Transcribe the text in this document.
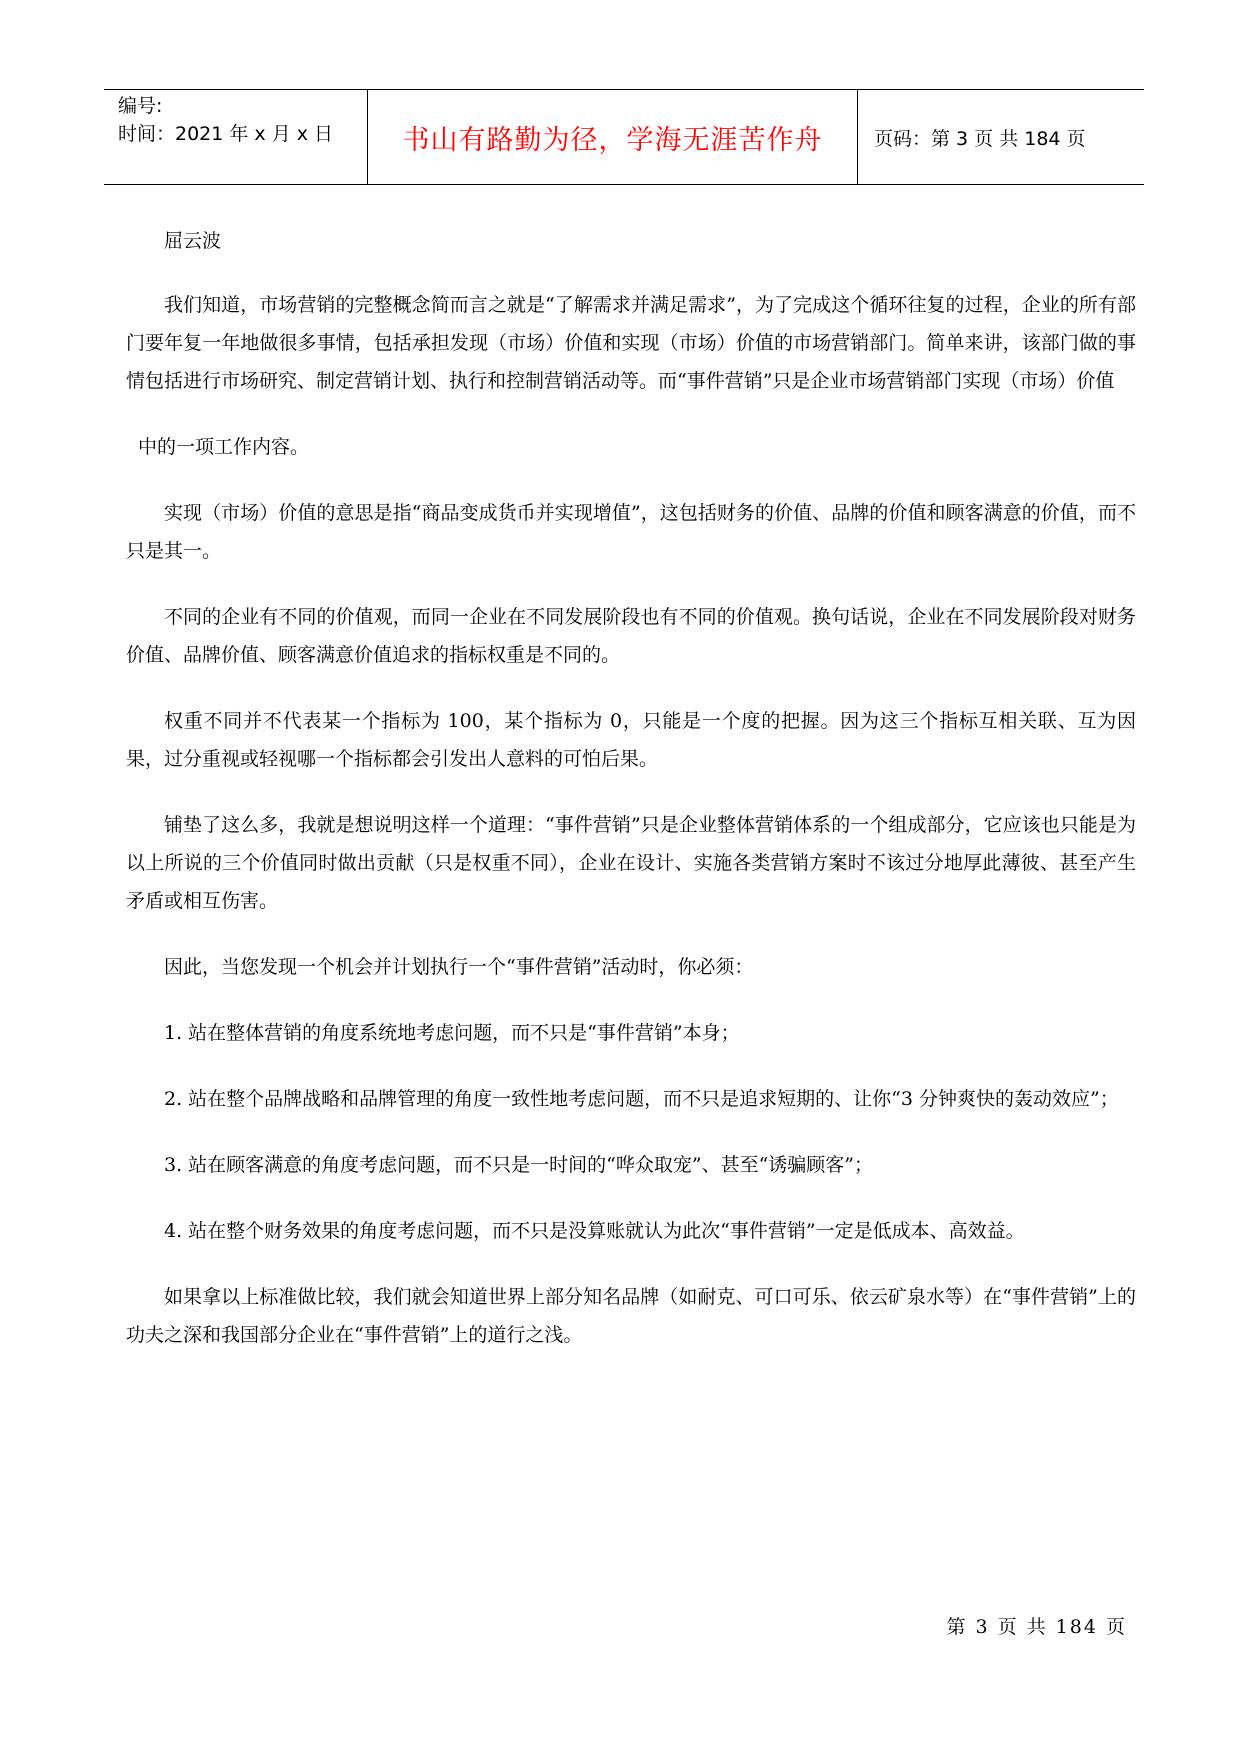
编号:
时间：2021 年 x 月 x 日	书山有路勤为径，学海无涯苦作舟	页码：第 3 页 共 184 页

屈云波

我们知道，市场营销的完整概念简而言之就是“了解需求并满足需求”，为了完成这个循环往复的过程，企业的所有部门要年复一年地做很多事情，包括承担发现（市场）价值和实现（市场）价值的市场营销部门。简单来讲，该部门做的事情包括进行市场研究、制定营销计划、执行和控制营销活动等。而“事件营销”只是企业市场营销部门实现（市场）价值

中的一项工作内容。

实现（市场）价值的意思是指“商品变成货币并实现增值”，这包括财务的价值、品牌的价值和顾客满意的价值，而不只是其一。

不同的企业有不同的价值观，而同一企业在不同发展阶段也有不同的价值观。换句话说，企业在不同发展阶段对财务价值、品牌价值、顾客满意价值追求的指标权重是不同的。

权重不同并不代表某一个指标为 100，某个指标为 0，只能是一个度的把握。因为这三个指标互相关联、互为因果，过分重视或轻视哪一个指标都会引发出人意料的可怕后果。

铺垫了这么多，我就是想说明这样一个道理：“事件营销”只是企业整体营销体系的一个组成部分，它应该也只能是为以上所说的三个价值同时做出贡献（只是权重不同），企业在设计、实施各类营销方案时不该过分地厚此薄彼、甚至产生矛盾或相互伤害。

因此，当您发现一个机会并计划执行一个“事件营销”活动时，你必须：

1. 站在整体营销的角度系统地考虑问题，而不只是“事件营销”本身；

2. 站在整个品牌战略和品牌管理的角度一致性地考虑问题，而不只是追求短期的、让你“3 分钟爽快的轰动效应”；

3. 站在顾客满意的角度考虑问题，而不只是一时间的“哗众取宠”、甚至“诱骗顾客”；

4. 站在整个财务效果的角度考虑问题，而不只是没算账就认为此次“事件营销”一定是低成本、高效益。

如果拿以上标准做比较，我们就会知道世界上部分知名品牌（如耐克、可口可乐、依云矿泉水等）在“事件营销”上的功夫之深和我国部分企业在“事件营销”上的道行之浅。

第 3 页 共 184 页
